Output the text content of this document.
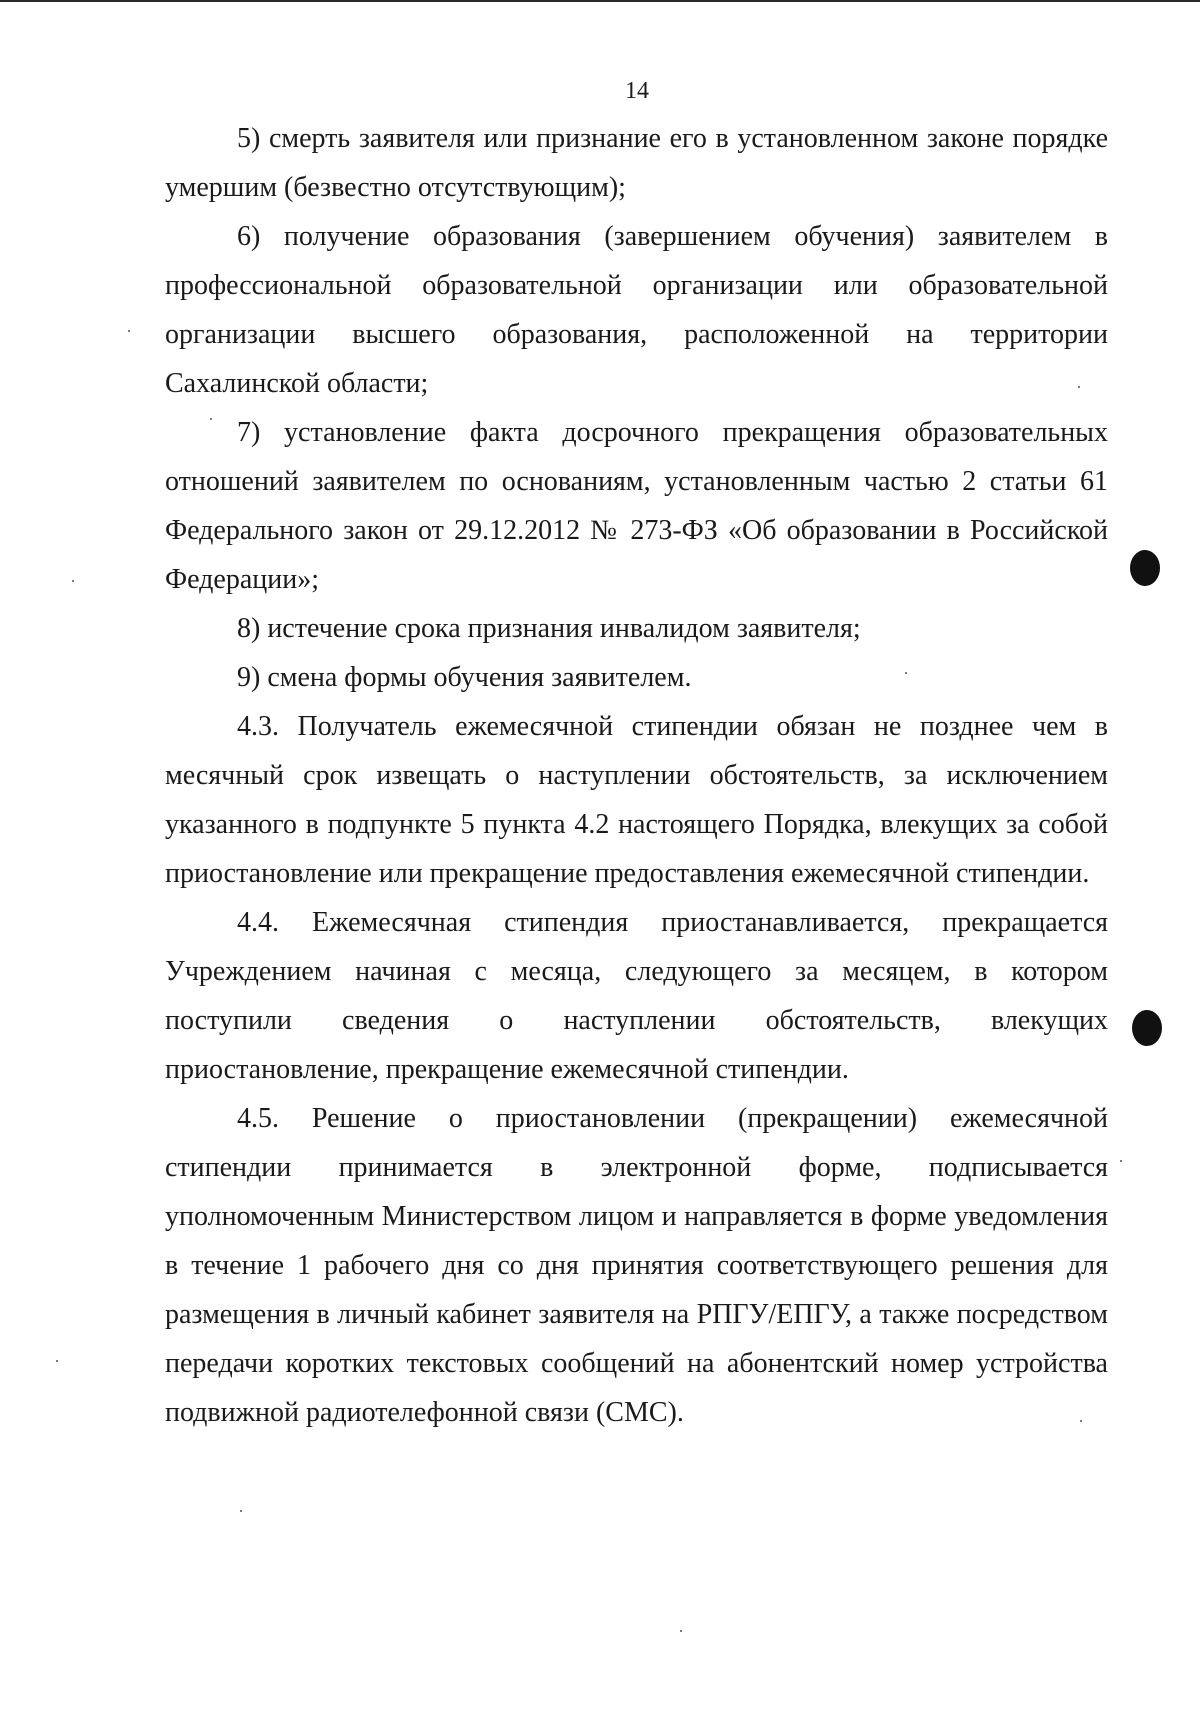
14

5) смерть заявителя или признание его в установленном законе порядке умершим (безвестно отсутствующим);

6) получение образования (завершением обучения) заявителем в профессиональной образовательной организации или образовательной организации высшего образования, расположенной на территории Сахалинской области;

7) установление факта досрочного прекращения образовательных отношений заявителем по основаниям, установленным частью 2 статьи 61 Федерального закон от 29.12.2012 № 273-ФЗ «Об образовании в Российской Федерации»;

8) истечение срока признания инвалидом заявителя;

9) смена формы обучения заявителем.

4.3. Получатель ежемесячной стипендии обязан не позднее чем в месячный срок извещать о наступлении обстоятельств, за исключением указанного в подпункте 5 пункта 4.2 настоящего Порядка, влекущих за собой приостановление или прекращение предоставления ежемесячной стипендии.

4.4. Ежемесячная стипендия приостанавливается, прекращается Учреждением начиная с месяца, следующего за месяцем, в котором поступили сведения о наступлении обстоятельств, влекущих приостановление, прекращение ежемесячной стипендии.

4.5. Решение о приостановлении (прекращении) ежемесячной стипендии принимается в электронной форме, подписывается уполномоченным Министерством лицом и направляется в форме уведомления в течение 1 рабочего дня со дня принятия соответствующего решения для размещения в личный кабинет заявителя на РПГУ/ЕПГУ, а также посредством передачи коротких текстовых сообщений на абонентский номер устройства подвижной радиотелефонной связи (СМС).
